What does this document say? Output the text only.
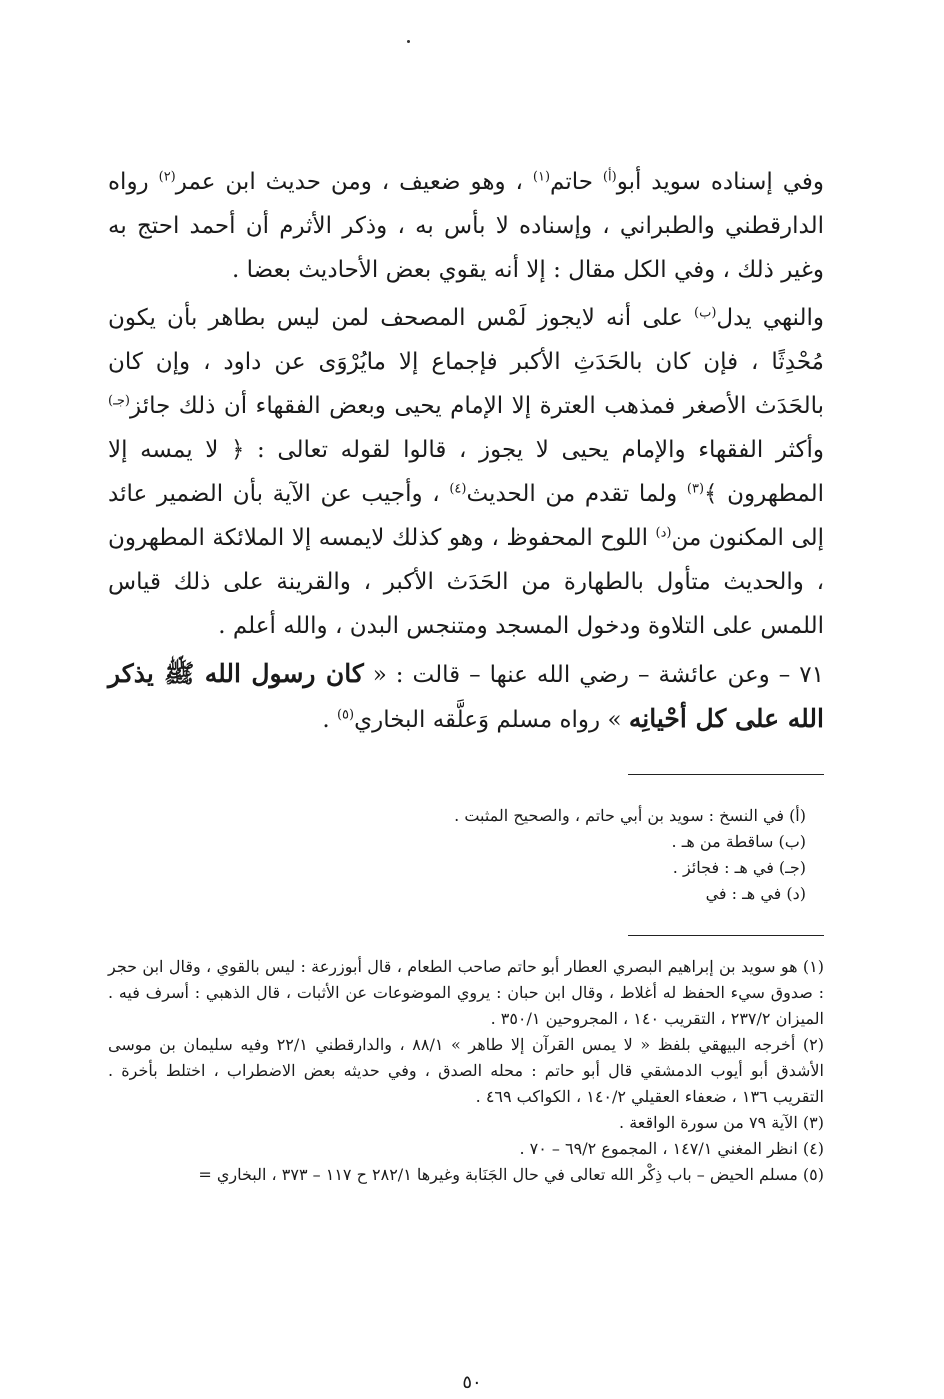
وفي إسناده سويد أبو$^{(أ)}$ حاتم$^{(١)}$ ، وهو ضعيف ، ومن حديث ابن عمر$^{(٢)}$ رواه الدارقطني والطبراني ، وإسناده لا بأس به ، وذكر الأثرم أن أحمد احتج به وغير ذلك ، وفي الكل مقال : إلا أنه يقوي بعض الأحاديث بعضا .

والنهي يدل$^{(ب)}$ على أنه لايجوز لَمْس المصحف لمن ليس بطاهر بأن يكون مُحْدِثًا ، فإن كان بالحَدَثِ الأكبر فإجماع إلا مايُرْوَى عن داود ، وإن كان بالحَدَث الأصغر فمذهب العترة إلا الإمام يحيى وبعض الفقهاء أن ذلك جائز$^{(جـ)}$ وأكثر الفقهاء والإمام يحيى لا يجوز ، قالوا لقوله تعالى : ﴿ لا يمسه إلا المطهرون ﴾$^{(٣)}$ ولما تقدم من الحديث$^{(٤)}$ ، وأجيب عن الآية بأن الضمير عائد إلى المكنون من$^{(د)}$ اللوح المحفوظ ، وهو كذلك لايمسه إلا الملائكة المطهرون ، والحديث متأول بالطهارة من الحَدَث الأكبر ، والقرينة على ذلك قياس اللمس على التلاوة ودخول المسجد ومتنجس البدن ، والله أعلم .

٧١ – وعن عائشة – رضي الله عنها – قالت : « كان رسول الله ﷺ يذكر الله على كل أحْيانِه » رواه مسلم وَعلَّقه البخاري$^{(٥)}$ .

(أ) في النسخ : سويد بن أبي حاتم ، والصحيح المثبت .
(ب) ساقطة من هـ .
(جـ) في هـ : فجائز .
(د) في هـ : في
(١) هو سويد بن إبراهيم البصري العطار أبو حاتم صاحب الطعام ، قال أبوزرعة : ليس بالقوي ، وقال ابن حجر : صدوق سيء الحفظ له أغلاط ، وقال ابن حبان : يروي الموضوعات عن الأثبات ، قال الذهبي : أسرف فيه . الميزان ٢٣٧/٢ ، التقريب ١٤٠ ، المجروحين ٣٥٠/١ .
(٢) أخرجه البيهقي بلفظ « لا يمس القرآن إلا طاهر » ٨٨/١ ، والدارقطني ٢٢/١ وفيه سليمان بن موسى الأشدق أبو أيوب الدمشقي قال أبو حاتم : محله الصدق ، وفي حديثه بعض الاضطراب ، اختلط بأخرة . التقريب ١٣٦ ، ضعفاء العقيلي ١٤٠/٢ ، الكواكب ٤٦٩ .
(٣) الآية ٧٩ من سورة الواقعة .
(٤) انظر المغني ١٤٧/١ ، المجموع ٦٩/٢ – ٧٠ .
(٥) مسلم الحيض – باب ذِكْر الله تعالى في حال الجَنَابة وغيرها ٢٨٢/١ ح ١١٧ – ٣٧٣ ، البخاري =
٥٠
